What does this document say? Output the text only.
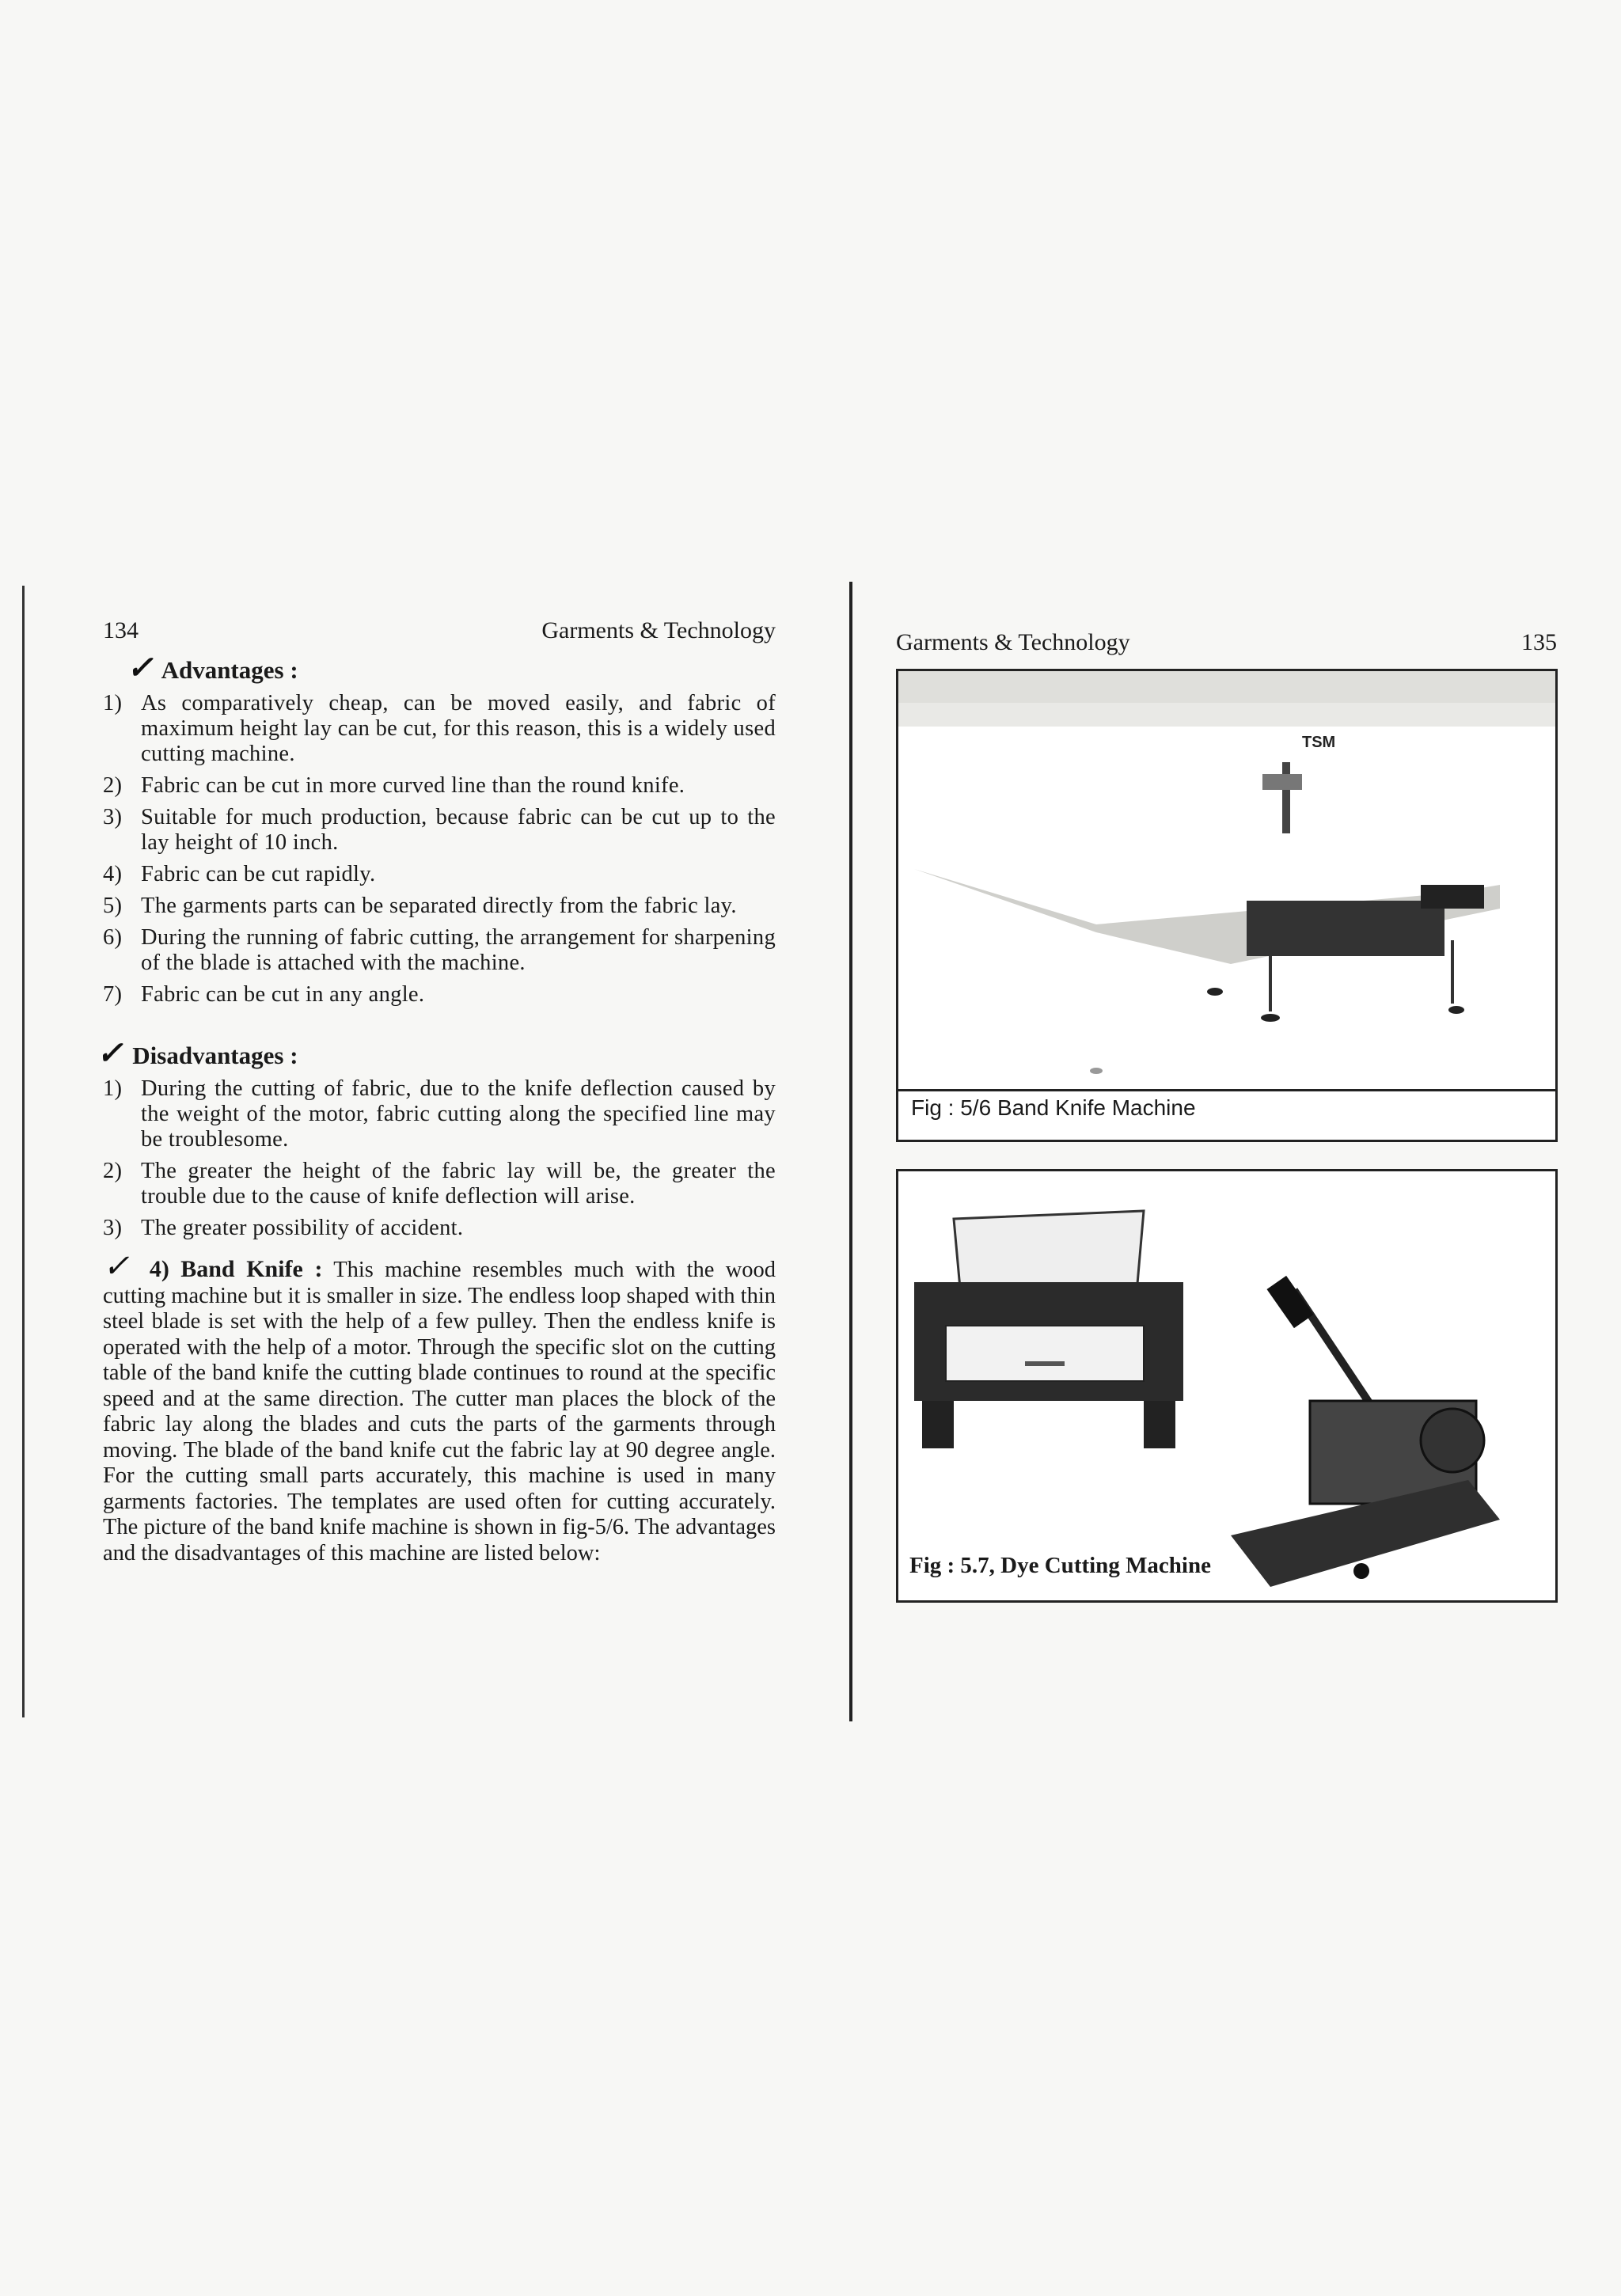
134	Garments & Technology
✓ Advantages :
1) As comparatively cheap, can be moved easily, and fabric of maximum height lay can be cut, for this reason, this is a widely used cutting machine.
2) Fabric can be cut in more curved line than the round knife.
3) Suitable for much production, because fabric can be cut up to the lay height of 10 inch.
4) Fabric can be cut rapidly.
5) The garments parts can be separated directly from the fabric lay.
6) During the running of fabric cutting, the arrangement for sharpening of the blade is attached with the machine.
7) Fabric can be cut in any angle.
✓ Disadvantages :
1) During the cutting of fabric, due to the knife deflection caused by the weight of the motor, fabric cutting along the specified line may be troublesome.
2) The greater the height of the fabric lay will be, the greater the trouble due to the cause of knife deflection will arise.
3) The greater possibility of accident.
✓ 4) Band Knife : This machine resembles much with the wood cutting machine but it is smaller in size. The endless loop shaped with thin steel blade is set with the help of a few pulley. Then the endless knife is operated with the help of a motor. Through the specific slot on the cutting table of the band knife the cutting blade continues to round at the specific speed and at the same direction. The cutter man places the block of the fabric lay along the blades and cuts the parts of the garments through moving. The blade of the band knife cut the fabric lay at 90 degree angle. For the cutting small parts accurately, this machine is used in many garments factories. The templates are used often for cutting accurately. The picture of the band knife machine is shown in fig-5/6. The advantages and the disadvantages of this machine are listed below:
Garments & Technology	135
TSM
Fig : 5/6 Band Knife Machine
Fig : 5.7, Dye Cutting Machine
